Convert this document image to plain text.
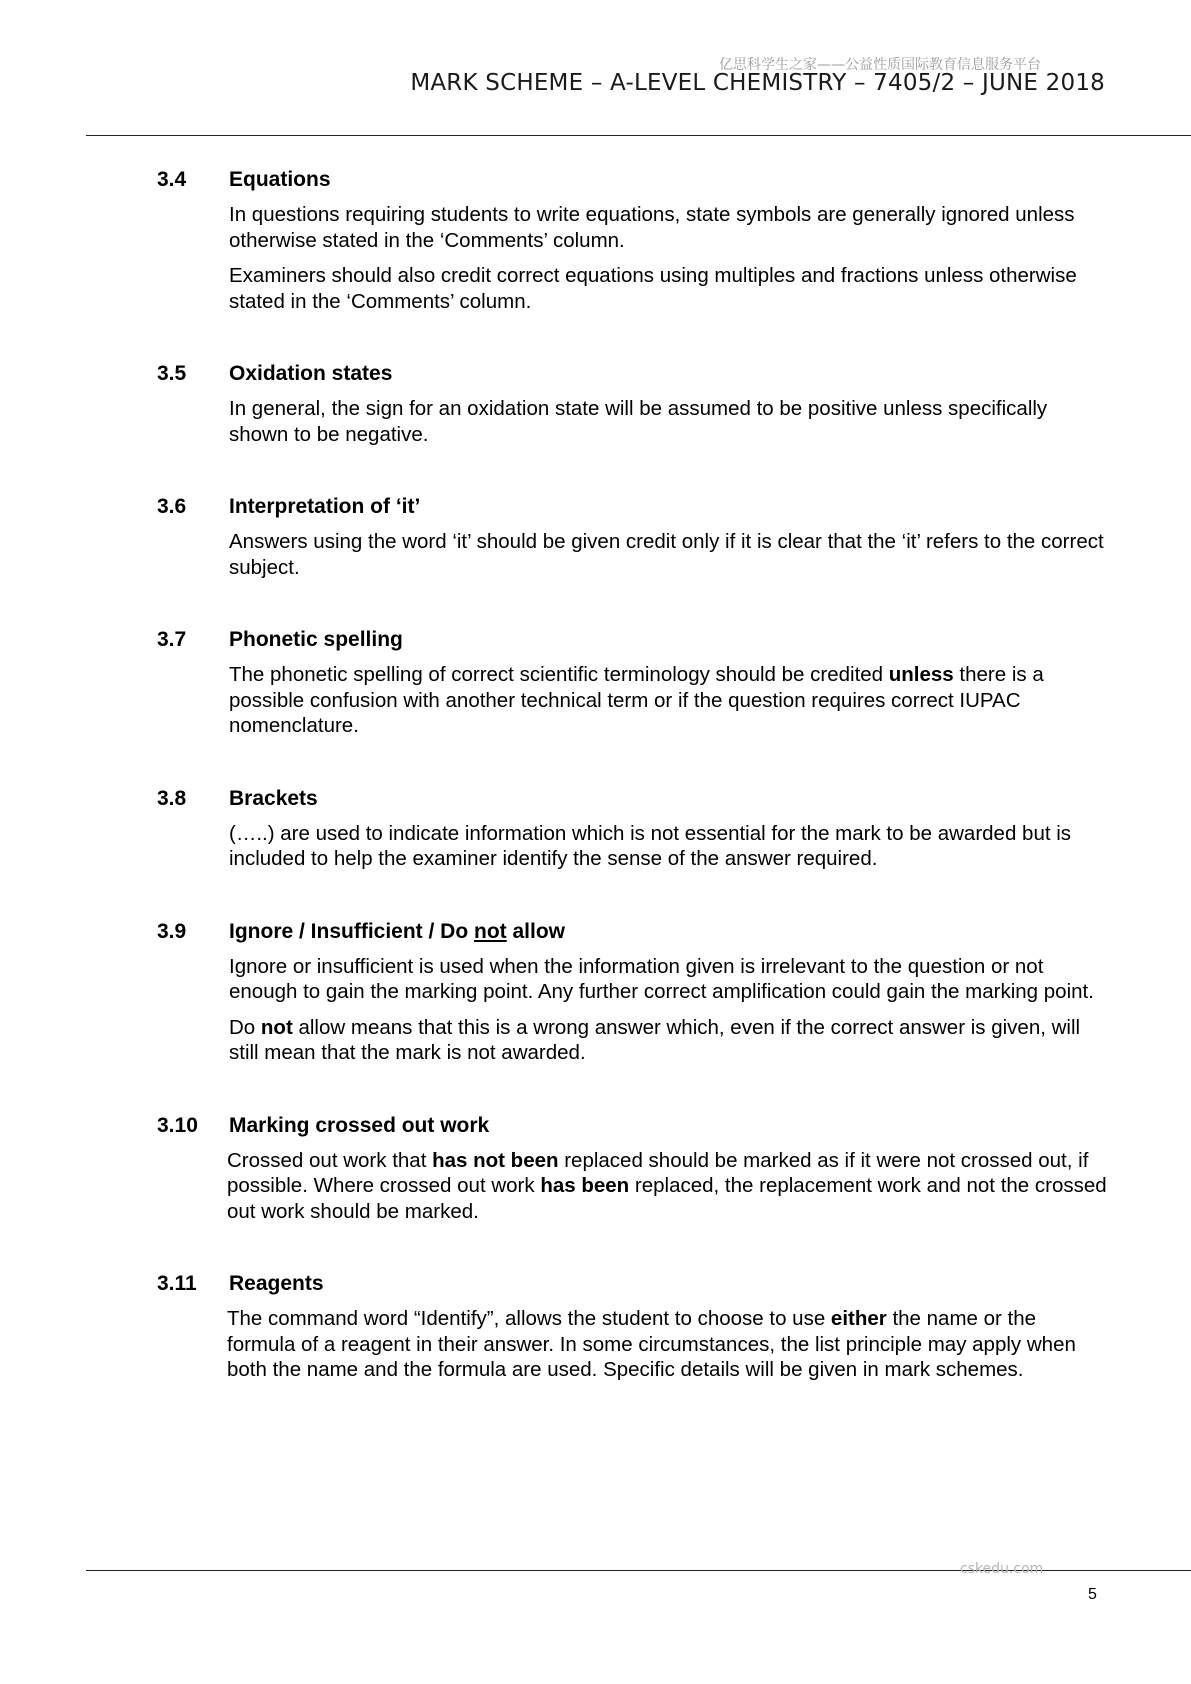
亿思科学生之家——公益性质国际教育信息服务平台
MARK SCHEME – A-LEVEL CHEMISTRY – 7405/2 – JUNE 2018
3.4	Equations

In questions requiring students to write equations, state symbols are generally ignored unless otherwise stated in the ‘Comments’ column.

Examiners should also credit correct equations using multiples and fractions unless otherwise stated in the ‘Comments’ column.

3.5	Oxidation states

In general, the sign for an oxidation state will be assumed to be positive unless specifically shown to be negative.

3.6	Interpretation of ‘it’

Answers using the word ‘it’ should be given credit only if it is clear that the ‘it’ refers to the correct subject.

3.7	Phonetic spelling

The phonetic spelling of correct scientific terminology should be credited unless there is a possible confusion with another technical term or if the question requires correct IUPAC nomenclature.

3.8	Brackets

(…..) are used to indicate information which is not essential for the mark to be awarded but is included to help the examiner identify the sense of the answer required.

3.9	Ignore / Insufficient / Do not allow

Ignore or insufficient is used when the information given is irrelevant to the question or not enough to gain the marking point. Any further correct amplification could gain the marking point.

Do not allow means that this is a wrong answer which, even if the correct answer is given, will still mean that the mark is not awarded.

3.10	Marking crossed out work

Crossed out work that has not been replaced should be marked as if it were not crossed out, if possible. Where crossed out work has been replaced, the replacement work and not the crossed out work should be marked.

3.11	Reagents

The command word “Identify”, allows the student to choose to use either the name or the formula of a reagent in their answer. In some circumstances, the list principle may apply when both the name and the formula are used. Specific details will be given in mark schemes.

cskedu.com
5
